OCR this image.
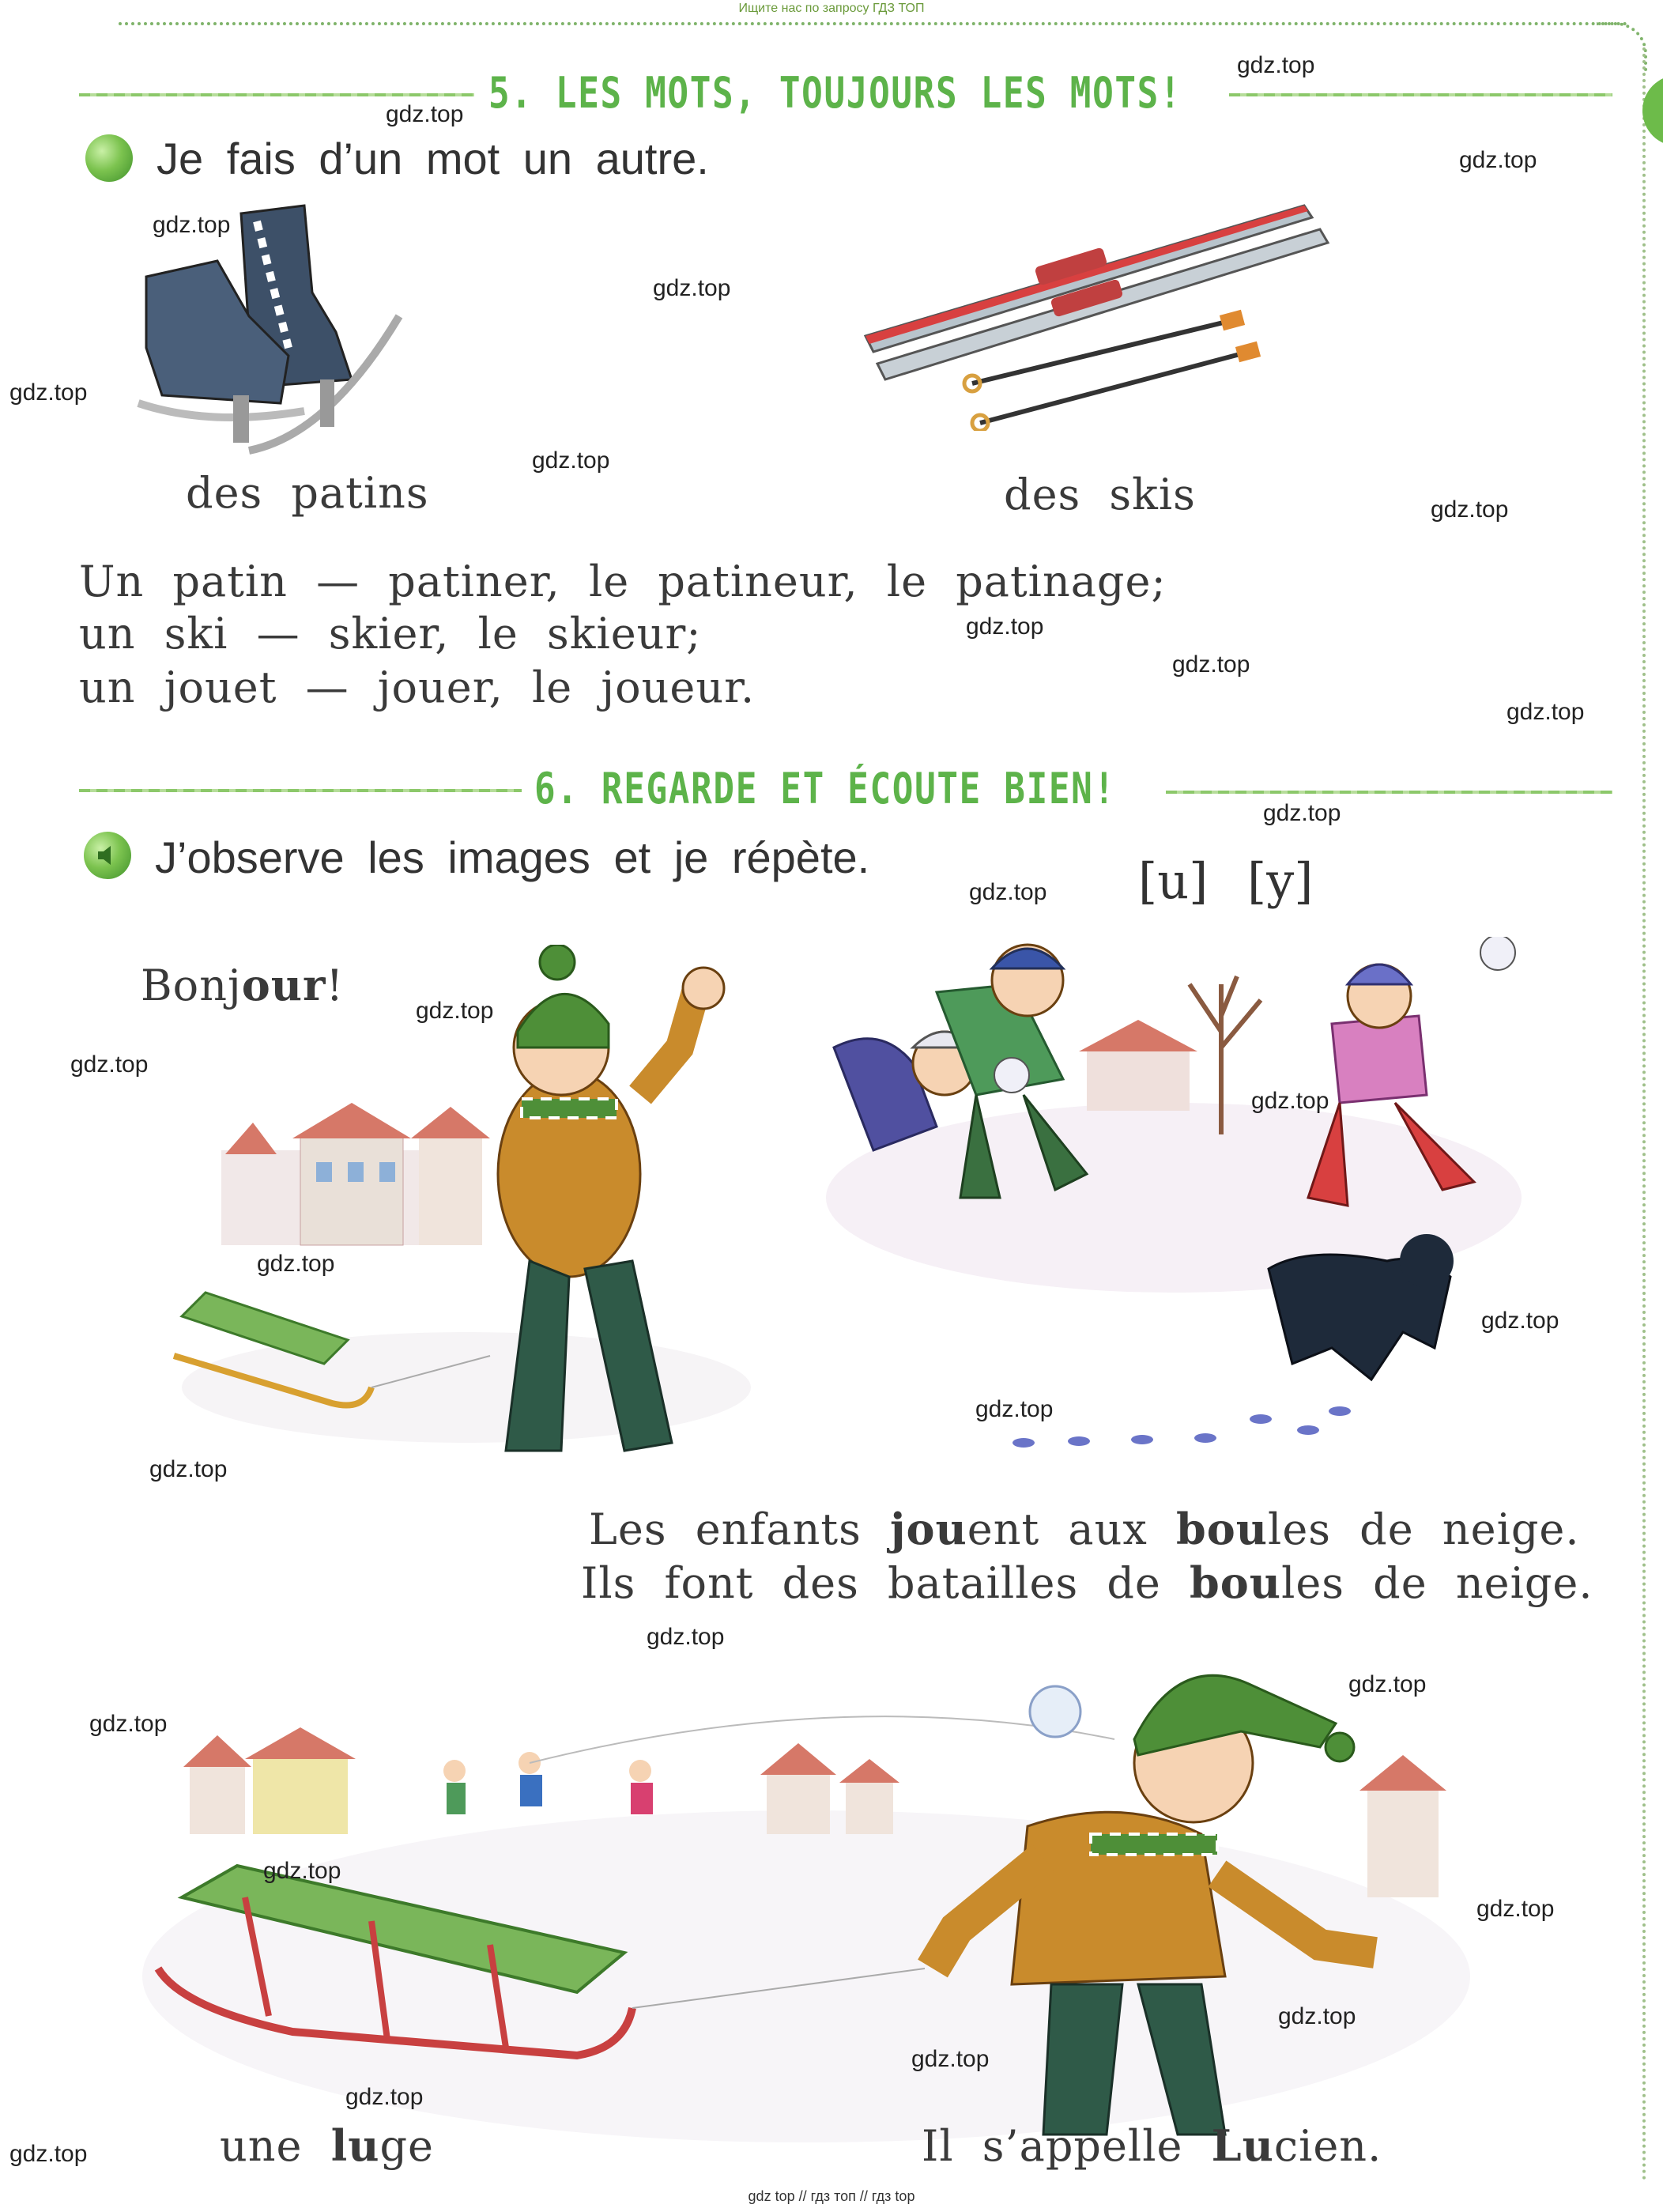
Ищите нас по запросу ГДЗ ТОП
5. LES MOTS, TOUJOURS LES MOTS!
Je fais d’un mot un autre.
des patins	des skis
Un patin — patiner, le patineur, le patinage;
un ski — skier, le skieur;
un jouet — jouer, le joueur.
6. REGARDE ET ÉCOUTE BIEN!
J’observe les images et je répète.	[u] [y]
Bonjour!
Les enfants jouent aux boules de neige.
Ils font des batailles de boules de neige.
une luge	Il s’appelle Lucien.
gdz.top
gdz.top
gdz.top
gdz.top
gdz.top
gdz.top
gdz.top
gdz.top
gdz.top
gdz.top
gdz.top
gdz.top
gdz.top
gdz.top
gdz.top
gdz.top
gdz.top
gdz.top
gdz.top
gdz.top
gdz.top
gdz.top
gdz.top
gdz.top
gdz.top
gdz.top
gdz.top
gdz.top
gdz.top
gdz top // гдз топ // гдз top
